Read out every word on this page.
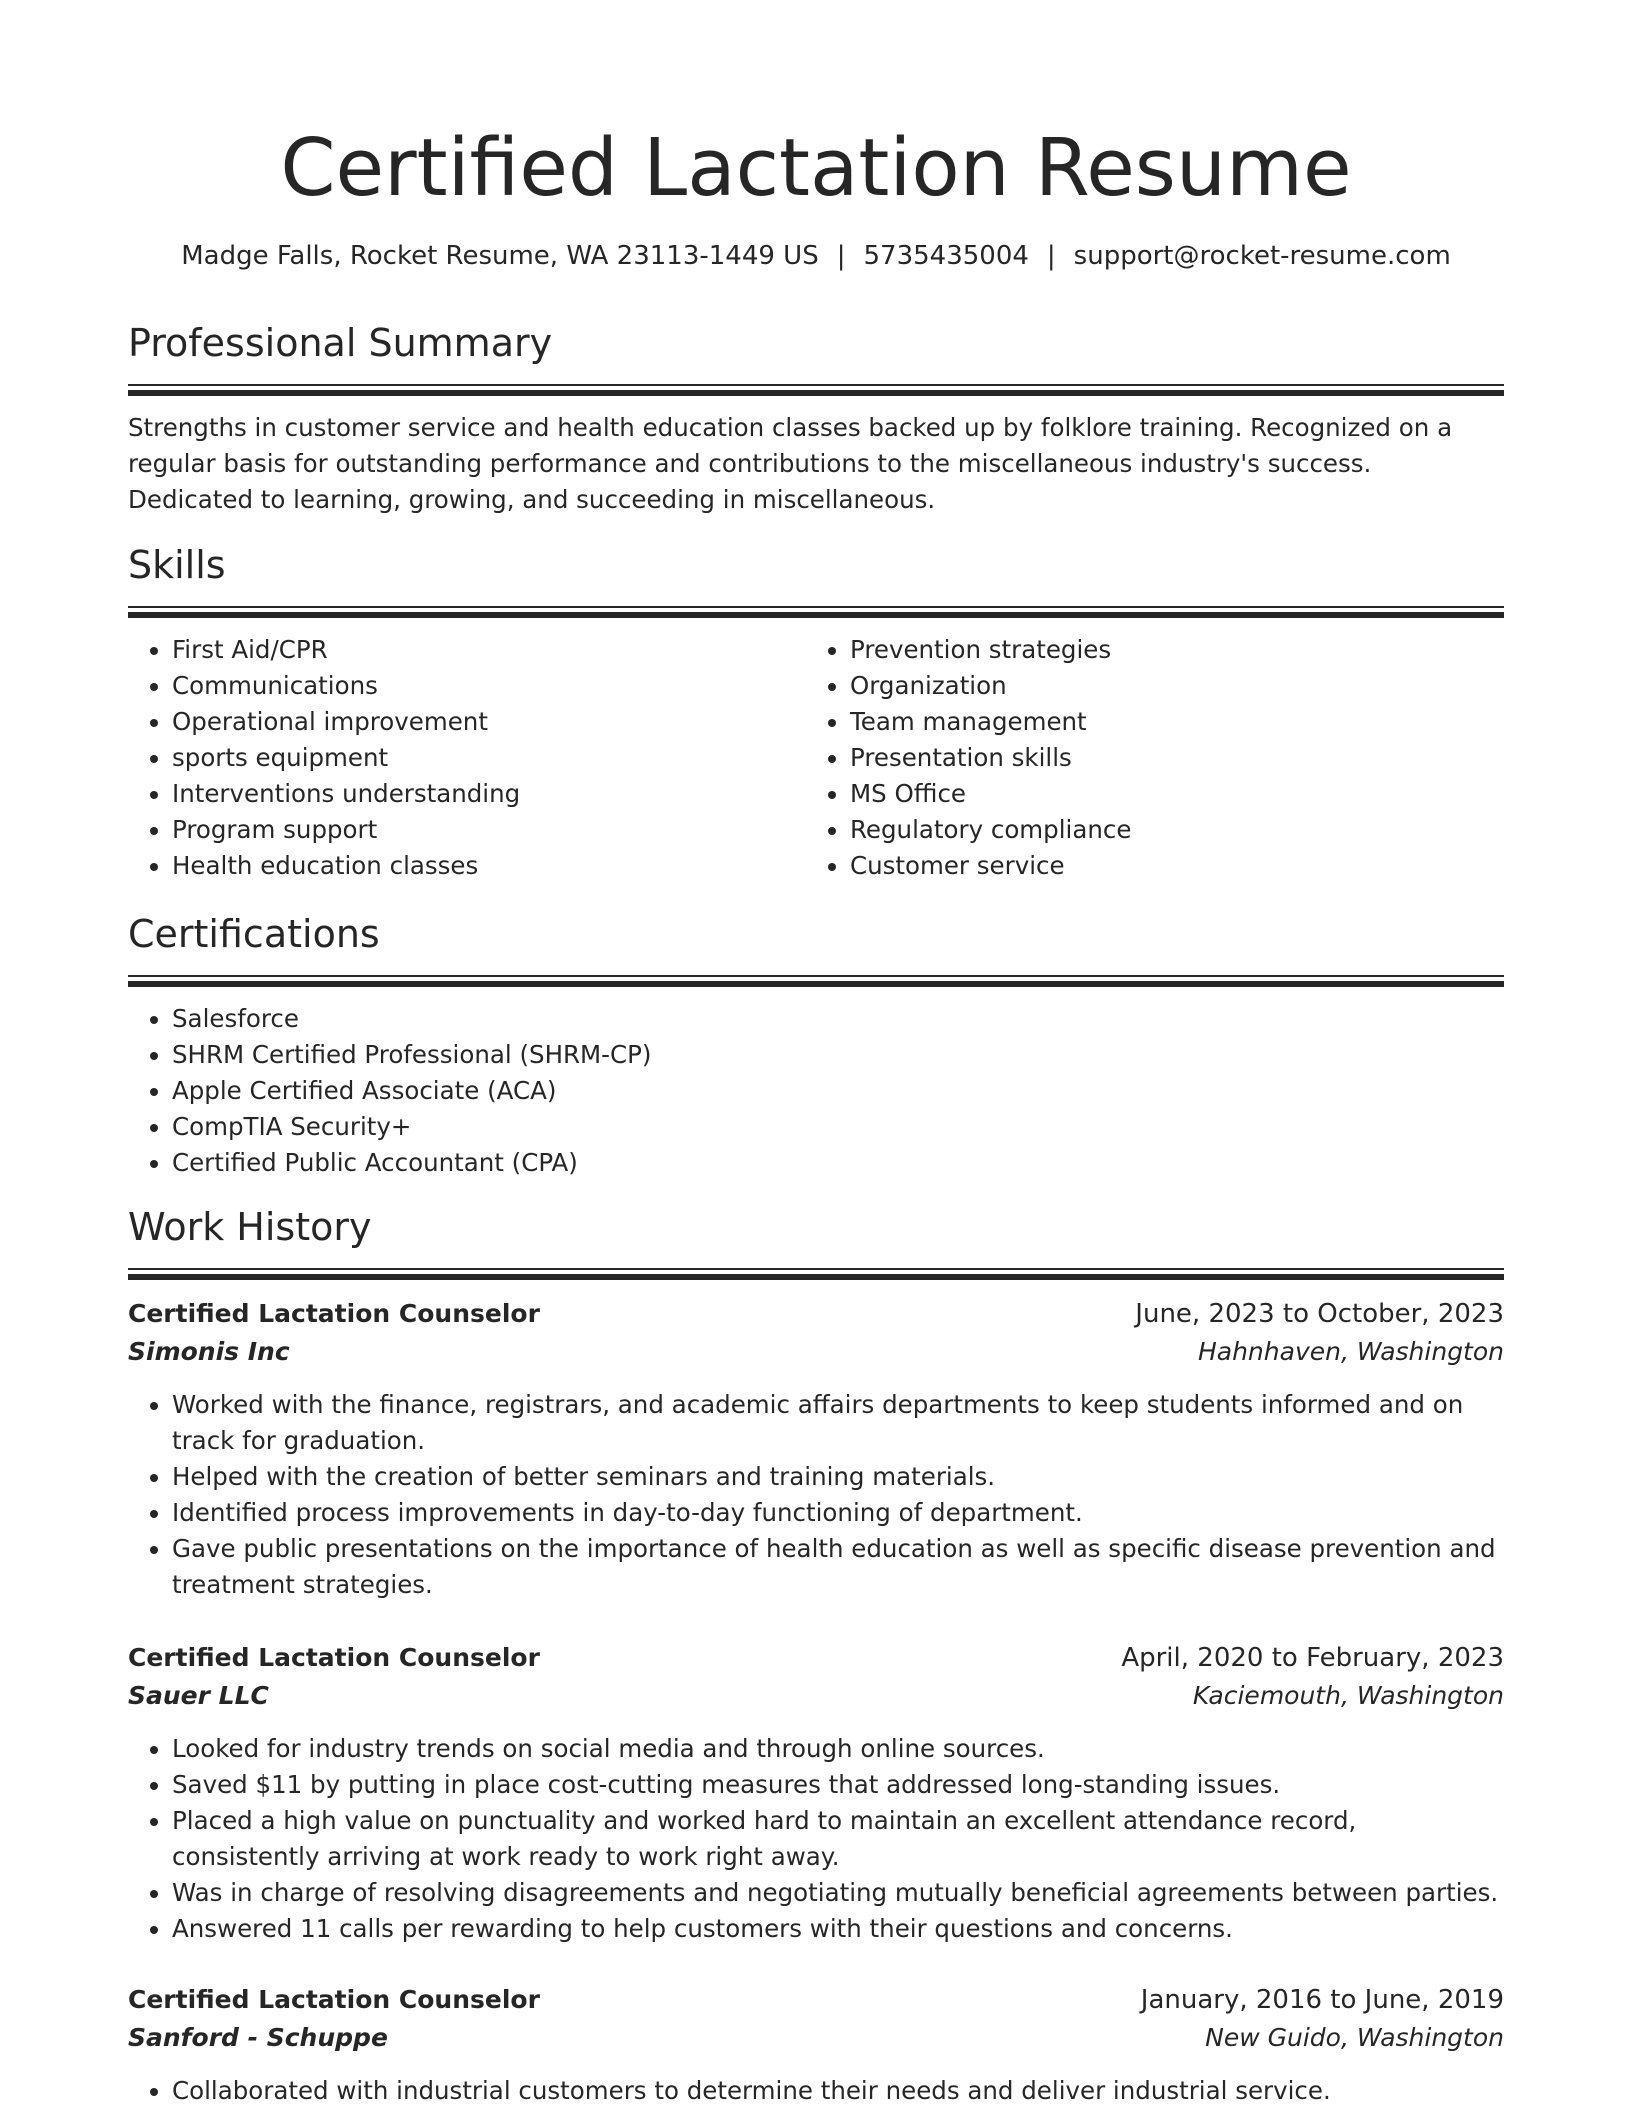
Certified Lactation Resume
Madge Falls, Rocket Resume, WA 23113-1449 US | 5735435004 | support@rocket-resume.com
Professional Summary

Strengths in customer service and health education classes backed up by folklore training. Recognized on a regular basis for outstanding performance and contributions to the miscellaneous industry's success. Dedicated to learning, growing, and succeeding in miscellaneous.

Skills
• First Aid/CPR
• Communications
• Operational improvement
• sports equipment
• Interventions understanding
• Program support
• Health education classes
• Prevention strategies
• Organization
• Team management
• Presentation skills
• MS Office
• Regulatory compliance
• Customer service
Certifications
• Salesforce
• SHRM Certified Professional (SHRM-CP)
• Apple Certified Associate (ACA)
• CompTIA Security+
• Certified Public Accountant (CPA)
Work History
Certified Lactation Counselor	June, 2023 to October, 2023
Simonis Inc	Hahnhaven, Washington
• Worked with the finance, registrars, and academic affairs departments to keep students informed and on track for graduation.
• Helped with the creation of better seminars and training materials.
• Identified process improvements in day-to-day functioning of department.
• Gave public presentations on the importance of health education as well as specific disease prevention and treatment strategies.
Certified Lactation Counselor	April, 2020 to February, 2023
Sauer LLC	Kaciemouth, Washington
• Looked for industry trends on social media and through online sources.
• Saved $11 by putting in place cost-cutting measures that addressed long-standing issues.
• Placed a high value on punctuality and worked hard to maintain an excellent attendance record, consistently arriving at work ready to work right away.
• Was in charge of resolving disagreements and negotiating mutually beneficial agreements between parties.
• Answered 11 calls per rewarding to help customers with their questions and concerns.
Certified Lactation Counselor	January, 2016 to June, 2019
Sanford - Schuppe	New Guido, Washington
• Collaborated with industrial customers to determine their needs and deliver industrial service.
